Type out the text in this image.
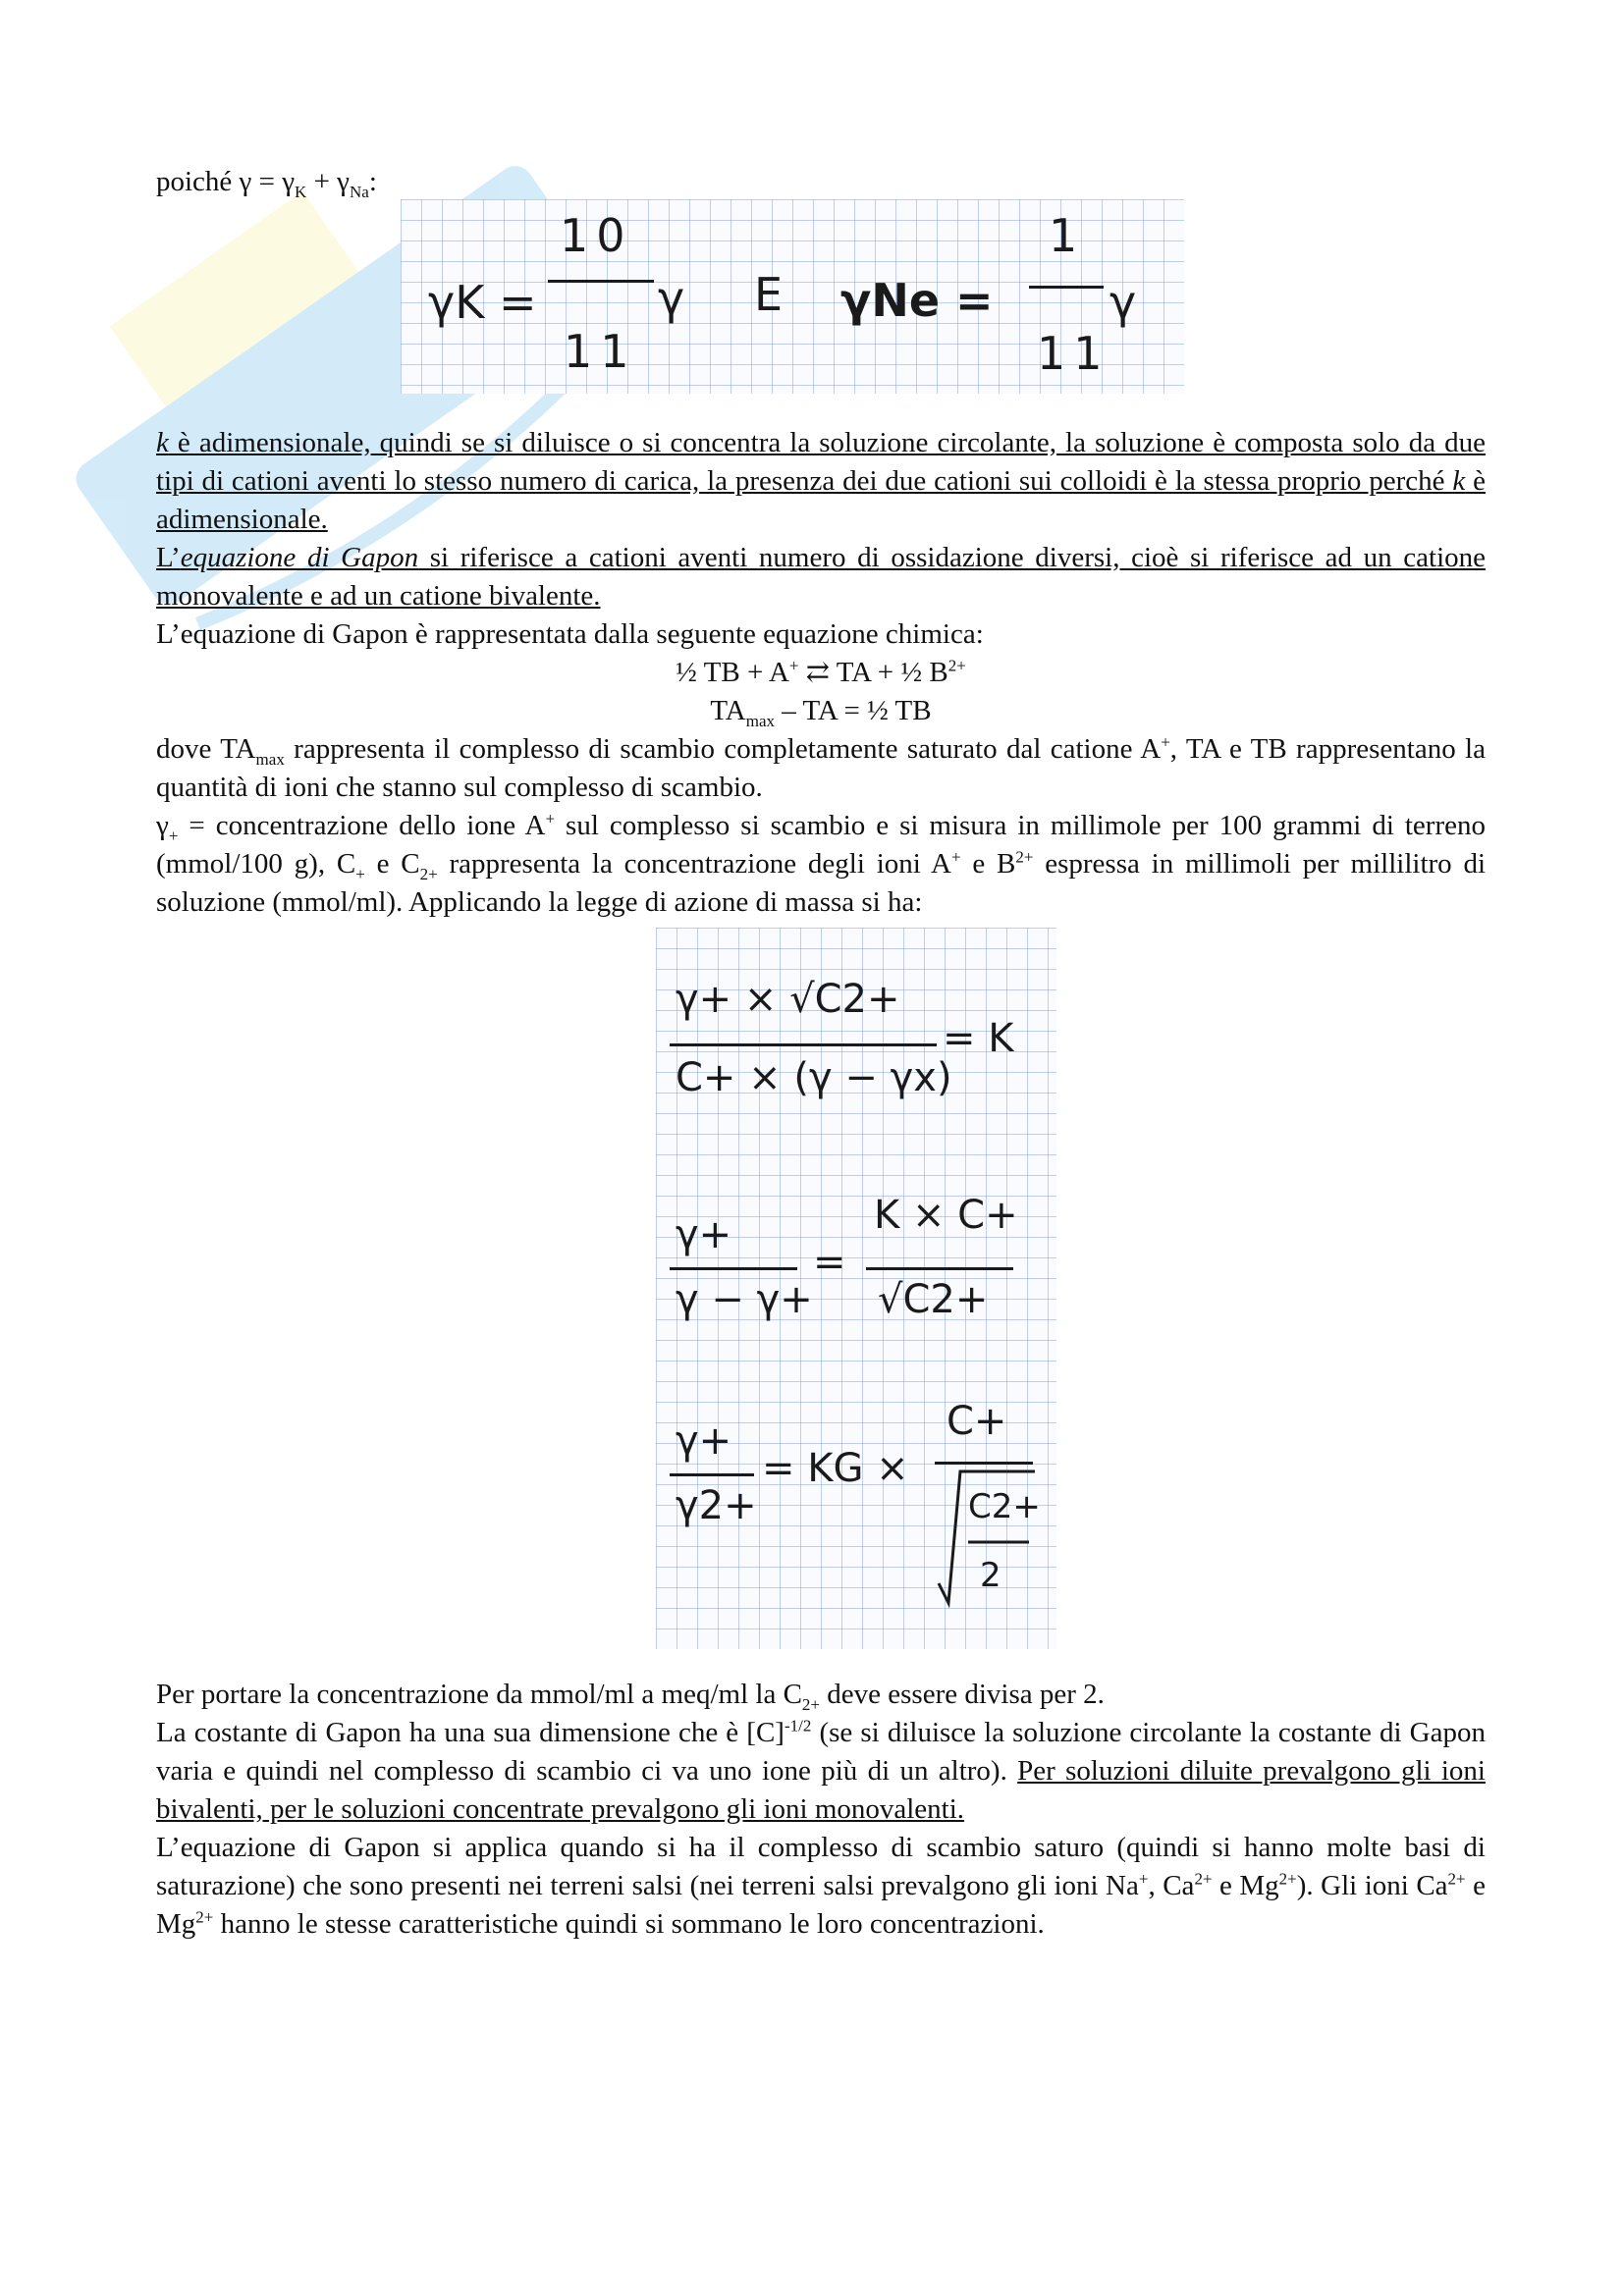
poiché $\gamma = \gamma_K + \gamma_{Na}$:

γK =
10
11
γ E γNe =
1
11
γ

k è adimensionale, quindi se si diluisce o si concentra la soluzione circolante, la soluzione è composta solo da due tipi di cationi aventi lo stesso numero di carica, la presenza dei due cationi sui colloidi è la stessa proprio perché k è adimensionale.

L’equazione di Gapon si riferisce a cationi aventi numero di ossidazione diversi, cioè si riferisce ad un catione monovalente e ad un catione bivalente.

L’equazione di Gapon è rappresentata dalla seguente equazione chimica:

½ TB + A+ ⇄ TA + ½ $B^{2+}$

$TA_{max}$ – TA = ½ TB

dove $TA_{max}$ rappresenta il complesso di scambio completamente saturato dal catione A+, TA e TB rappresentano la quantità di ioni che stanno sul complesso di scambio.

$\gamma_+$ = concentrazione dello ione A+ sul complesso si scambio e si misura in millimole per 100 grammi di terreno (mmol/100 g), $C_+$ e $C_{2+}$ rappresenta la concentrazione degli ioni A+ e $B^{2+}$ espressa in millimoli per millilitro di soluzione (mmol/ml). Applicando la legge di azione di massa si ha:

γ+ × √C2+
C+ × (γ − γx)
= K
γ+
γ − γ+
=
K × C+
√C2+
γ+
γ2+
= KG ×
C+
C2+
2

Per portare la concentrazione da mmol/ml a meq/ml la $C_{2+}$ deve essere divisa per 2.

La costante di Gapon ha una sua dimensione che è $[C]^{-1/2}$ (se si diluisce la soluzione circolante la costante di Gapon varia e quindi nel complesso di scambio ci va uno ione più di un altro). Per soluzioni diluite prevalgono gli ioni bivalenti, per le soluzioni concentrate prevalgono gli ioni monovalenti.

L’equazione di Gapon si applica quando si ha il complesso di scambio saturo (quindi si hanno molte basi di saturazione) che sono presenti nei terreni salsi (nei terreni salsi prevalgono gli ioni Na+, $Ca^{2+}$ e $Mg^{2+}$). Gli ioni $Ca^{2+}$ e $Mg^{2+}$ hanno le stesse caratteristiche quindi si sommano le loro concentrazioni.
